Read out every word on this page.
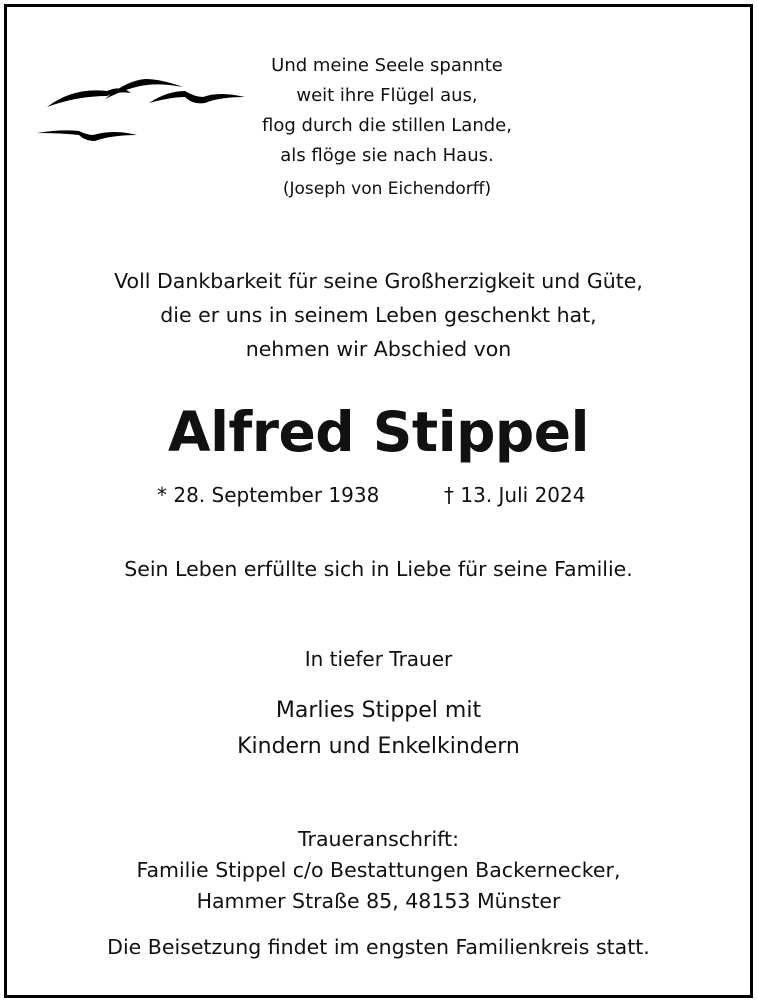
Und meine Seele spannte
weit ihre Flügel aus,
flog durch die stillen Lande,
als flöge sie nach Haus.
(Joseph von Eichendorff)
Voll Dankbarkeit für seine Großherzigkeit und Güte,
die er uns in seinem Leben geschenkt hat,
nehmen wir Abschied von
Alfred Stippel
* 28. September 1938	† 13. Juli 2024
Sein Leben erfüllte sich in Liebe für seine Familie.
In tiefer Trauer
Marlies Stippel mit
Kindern und Enkelkindern
Traueranschrift:
Familie Stippel c/o Bestattungen Backernecker,
Hammer Straße 85, 48153 Münster
Die Beisetzung findet im engsten Familienkreis statt.
